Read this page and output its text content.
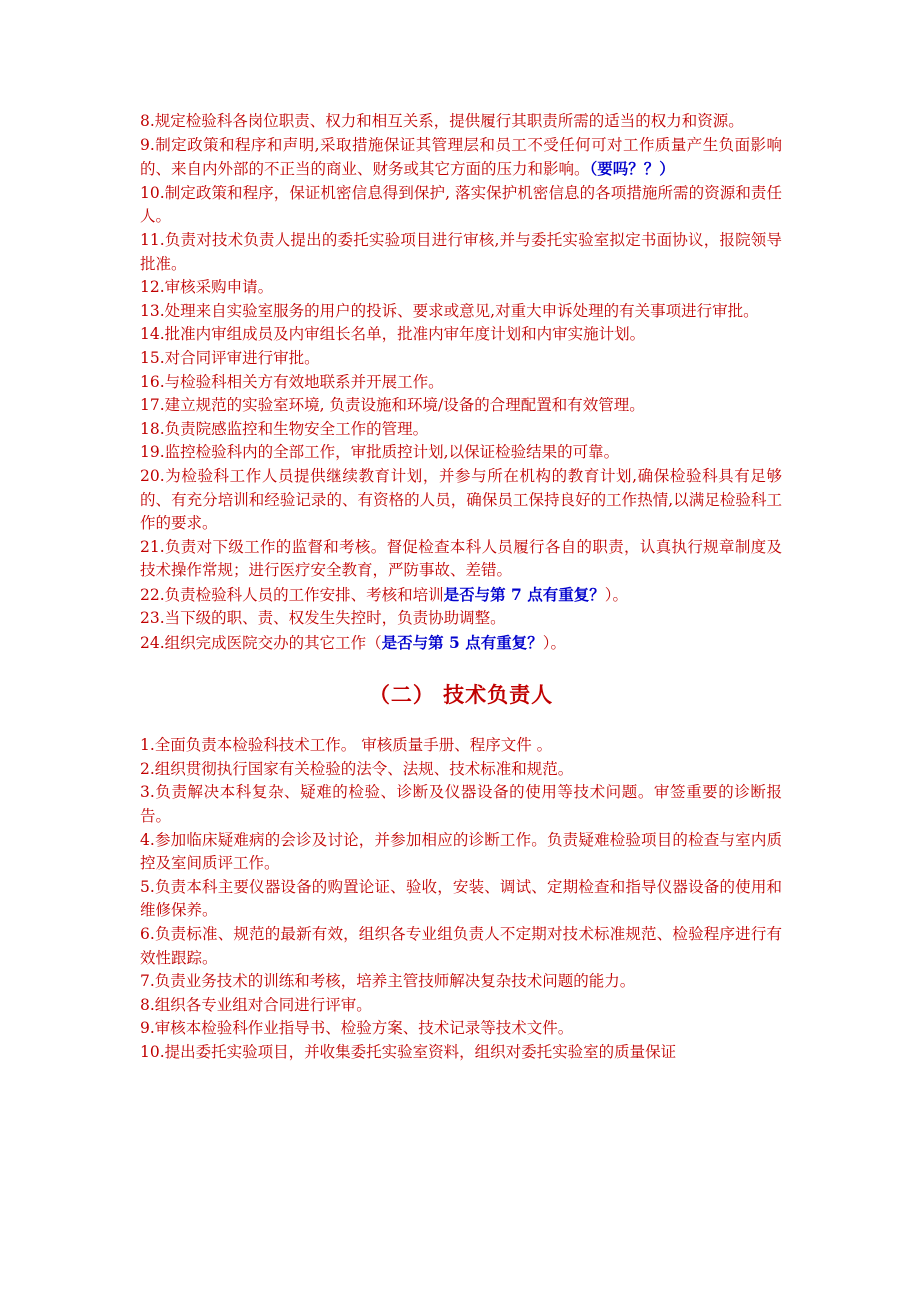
8.规定检验科各岗位职责、权力和相互关系，提供履行其职责所需的适当的权力和资源。

9.制定政策和程序和声明,采取措施保证其管理层和员工不受任何可对工作质量产生负面影响的、来自内外部的不正当的商业、财务或其它方面的压力和影响。（要吗？？）

10.制定政策和程序，保证机密信息得到保护, 落实保护机密信息的各项措施所需的资源和责任人。

11.负责对技术负责人提出的委托实验项目进行审核,并与委托实验室拟定书面协议，报院领导批准。

12.审核采购申请。

13.处理来自实验室服务的用户的投诉、要求或意见,对重大申诉处理的有关事项进行审批。

14.批准内审组成员及内审组长名单，批准内审年度计划和内审实施计划。

15.对合同评审进行审批。

16.与检验科相关方有效地联系并开展工作。

17.建立规范的实验室环境, 负责设施和环境/设备的合理配置和有效管理。

18.负责院感监控和生物安全工作的管理。

19.监控检验科内的全部工作，审批质控计划,以保证检验结果的可靠。

20.为检验科工作人员提供继续教育计划，并参与所在机构的教育计划,确保检验科具有足够的、有充分培训和经验记录的、有资格的人员，确保员工保持良好的工作热情,以满足检验科工作的要求。

21.负责对下级工作的监督和考核。督促检查本科人员履行各自的职责，认真执行规章制度及技术操作常规；进行医疗安全教育，严防事故、差错。

22.负责检验科人员的工作安排、考核和培训是否与第 7 点有重复？）。

23.当下级的职、责、权发生失控时，负责协助调整。

24.组织完成医院交办的其它工作（是否与第 5 点有重复？）。

（二） 技术负责人

1.全面负责本检验科技术工作。 审核质量手册、程序文件 。

2.组织贯彻执行国家有关检验的法令、法规、技术标准和规范。

3.负责解决本科复杂、疑难的检验、诊断及仪器设备的使用等技术问题。审签重要的诊断报告。

4.参加临床疑难病的会诊及讨论，并参加相应的诊断工作。负责疑难检验项目的检查与室内质控及室间质评工作。

5.负责本科主要仪器设备的购置论证、验收，安装、调试、定期检查和指导仪器设备的使用和维修保养。

6.负责标准、规范的最新有效，组织各专业组负责人不定期对技术标准规范、检验程序进行有效性跟踪。

7.负责业务技术的训练和考核，培养主管技师解决复杂技术问题的能力。

8.组织各专业组对合同进行评审。

9.审核本检验科作业指导书、检验方案、技术记录等技术文件。

10.提出委托实验项目，并收集委托实验室资料，组织对委托实验室的质量保证
